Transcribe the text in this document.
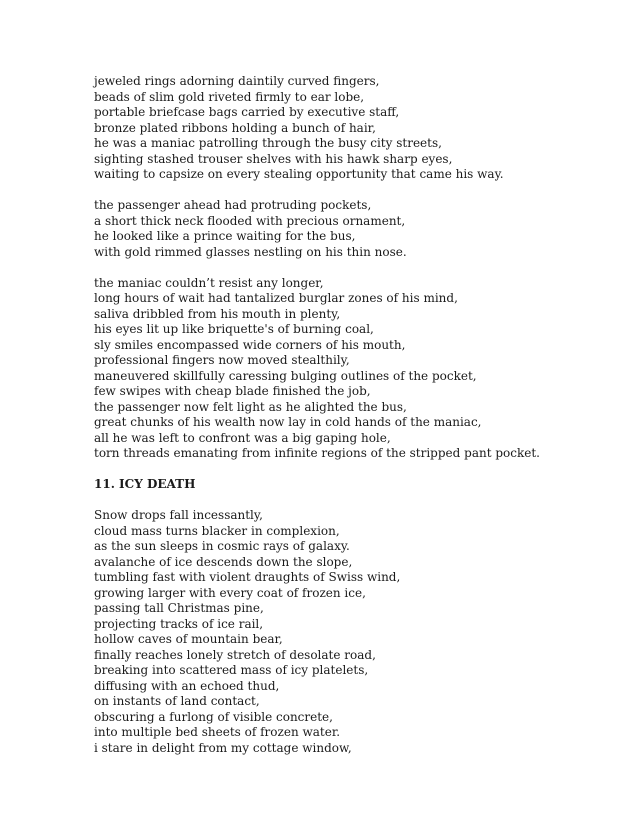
jeweled rings adorning daintily curved fingers,
beads of slim gold riveted firmly to ear lobe,
portable briefcase bags carried by executive staff,
bronze plated ribbons holding a bunch of hair,
he was a maniac patrolling through the busy city streets,
sighting stashed trouser shelves with his hawk sharp eyes,
waiting to capsize on every stealing opportunity that came his way.
the passenger ahead had protruding pockets,
a short thick neck flooded with precious ornament,
he looked like a prince waiting for the bus,
with gold rimmed glasses nestling on his thin nose.
the maniac couldn’t resist any longer,
long hours of wait had tantalized burglar zones of his mind,
saliva dribbled from his mouth in plenty,
his eyes lit up like briquette's of burning coal,
sly smiles encompassed wide corners of his mouth,
professional fingers now moved stealthily,
maneuvered skillfully caressing bulging outlines of the pocket,
few swipes with cheap blade finished the job,
the passenger now felt light as he alighted the bus,
great chunks of his wealth now lay in cold hands of the maniac,
all he was left to confront was a big gaping hole,
torn threads emanating from infinite regions of the stripped pant pocket.
11. ICY DEATH
Snow drops fall incessantly,
cloud mass turns blacker in complexion,
as the sun sleeps in cosmic rays of galaxy.
avalanche of ice descends down the slope,
tumbling fast with violent draughts of Swiss wind,
growing larger with every coat of frozen ice,
passing tall Christmas pine,
projecting tracks of ice rail,
hollow caves of mountain bear,
finally reaches lonely stretch of desolate road,
breaking into scattered mass of icy platelets,
diffusing with an echoed thud,
on instants of land contact,
obscuring a furlong of visible concrete,
into multiple bed sheets of frozen water.
i stare in delight from my cottage window,
